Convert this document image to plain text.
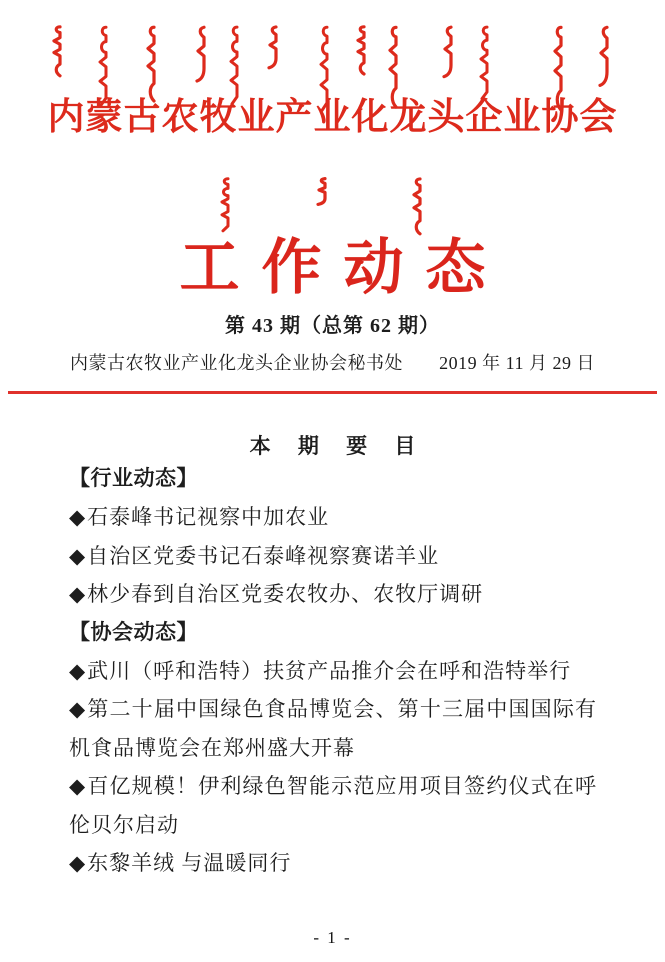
内蒙古农牧业产业化龙头企业协会
工作动态

第 43 期（总第 62 期）

内蒙古农牧业产业化龙头企业协会秘书处 2019 年 11 月 29 日

本 期 要 目

【行业动态】

◆石泰峰书记视察中加农业

◆自治区党委书记石泰峰视察赛诺羊业

◆林少春到自治区党委农牧办、农牧厅调研

【协会动态】

◆武川（呼和浩特）扶贫产品推介会在呼和浩特举行

◆第二十届中国绿色食品博览会、第十三届中国国际有机食品博览会在郑州盛大开幕

◆百亿规模！伊利绿色智能示范应用项目签约仪式在呼伦贝尔启动

◆东黎羊绒 与温暖同行

- 1 -
